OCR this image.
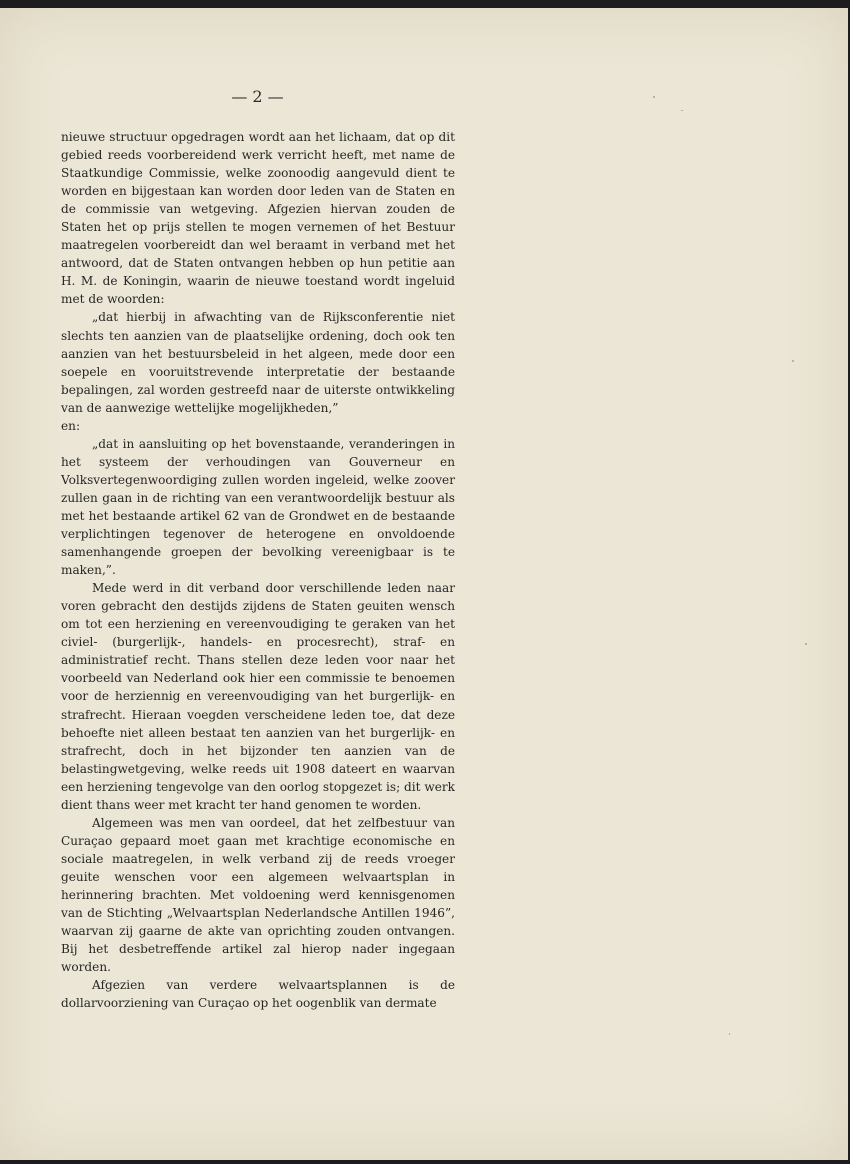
— 2 —

nieuwe structuur opgedragen wordt aan het lichaam, dat op dit gebied reeds voorbereidend werk verricht heeft, met name de Staatkundige Commissie, welke zoonoodig aangevuld dient te worden en bijgestaan kan worden door leden van de Staten en de commissie van wetgeving. Afgezien hiervan zouden de Staten het op prijs stellen te mogen vernemen of het Bestuur maatregelen voorbereidt dan wel beraamt in verband met het antwoord, dat de Staten ontvangen hebben op hun petitie aan H. M. de Koningin, waarin de nieuwe toestand wordt ingeluid met de woorden:

„dat hierbij in afwachting van de Rijksconferentie niet slechts ten aanzien van de plaatselijke ordening, doch ook ten aanzien van het bestuursbeleid in het algeen, mede door een soepele en vooruitstrevende interpretatie der bestaande bepalingen, zal worden gestreefd naar de uiterste ontwikkeling van de aanwezige wettelijke mogelijkheden,”

en:

„dat in aansluiting op het bovenstaande, veranderingen in het systeem der verhoudingen van Gouverneur en Volksvertegenwoordiging zullen worden ingeleid, welke zoover zullen gaan in de richting van een verantwoordelijk bestuur als met het bestaande artikel 62 van de Grondwet en de bestaande verplichtingen tegenover de heterogene en onvoldoende samenhangende groepen der bevolking vereenigbaar is te maken,”.

Mede werd in dit verband door verschillende leden naar voren gebracht den destijds zijdens de Staten geuiten wensch om tot een herziening en vereenvoudiging te geraken van het civiel- (burgerlijk-, handels- en procesrecht), straf- en administratief recht. Thans stellen deze leden voor naar het voorbeeld van Nederland ook hier een commissie te benoemen voor de herziennig en vereenvoudiging van het burgerlijk- en strafrecht. Hieraan voegden verscheidene leden toe, dat deze behoefte niet alleen bestaat ten aanzien van het burgerlijk- en strafrecht, doch in het bijzonder ten aanzien van de belastingwetgeving, welke reeds uit 1908 dateert en waarvan een herziening tengevolge van den oorlog stopgezet is; dit werk dient thans weer met kracht ter hand genomen te worden.

Algemeen was men van oordeel, dat het zelfbestuur van Curaçao gepaard moet gaan met krachtige economische en sociale maatregelen, in welk verband zij de reeds vroeger geuite wenschen voor een algemeen welvaartsplan in herinnering brachten. Met voldoening werd kennisgenomen van de Stichting „Welvaartsplan Nederlandsche Antillen 1946”, waarvan zij gaarne de akte van oprichting zouden ontvangen. Bij het desbetreffende artikel zal hierop nader ingegaan worden.

Afgezien van verdere welvaartsplannen is de dollarvoorziening van Curaçao op het oogenblik van dermate
